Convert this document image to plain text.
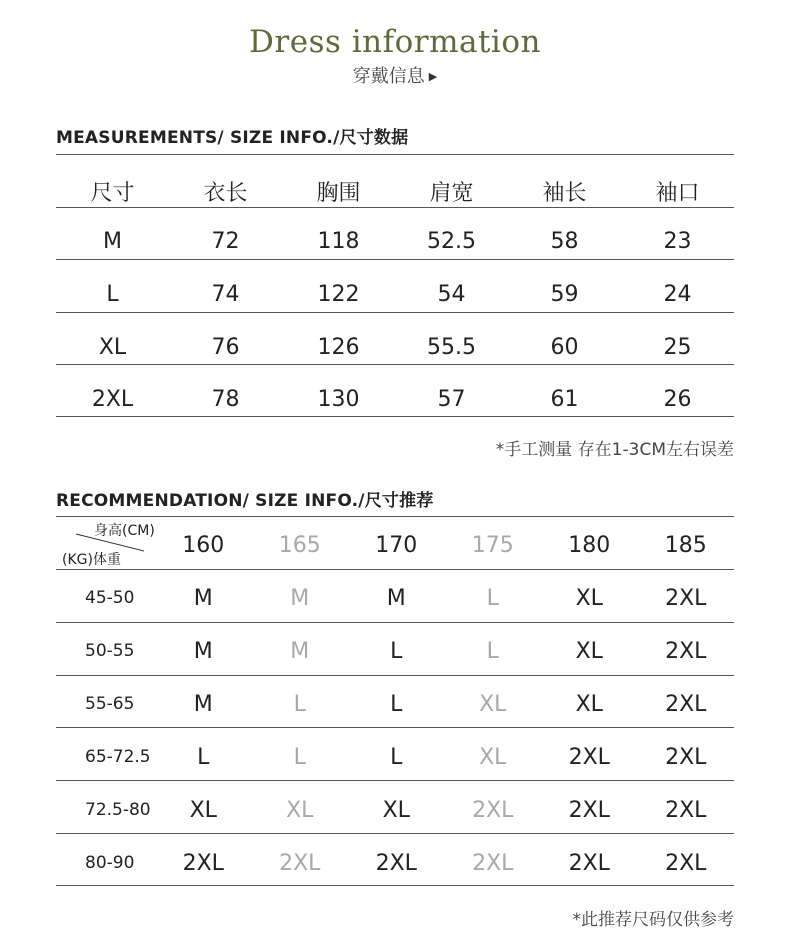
Dress information
穿戴信息 ▶
MEASUREMENTS/ SIZE INFO./尺寸数据
尺寸	衣长	胸围	肩宽	袖长	袖口
M	72	118	52.5	58	23
L	74	122	54	59	24
XL	76	126	55.5	60	25
2XL	78	130	57	61	26
*手工测量 存在1-3CM左右误差
RECOMMENDATION/ SIZE INFO./尺寸推荐
身高(CM)
(KG)体重
160	165	170	175	180	185
45-50	M	M	M	L	XL	2XL
50-55	M	M	L	L	XL	2XL
55-65	M	L	L	XL	XL	2XL
65-72.5	L	L	L	XL	2XL	2XL
72.5-80	XL	XL	XL	2XL	2XL	2XL
80-90	2XL	2XL	2XL	2XL	2XL	2XL
*此推荐尺码仅供参考
